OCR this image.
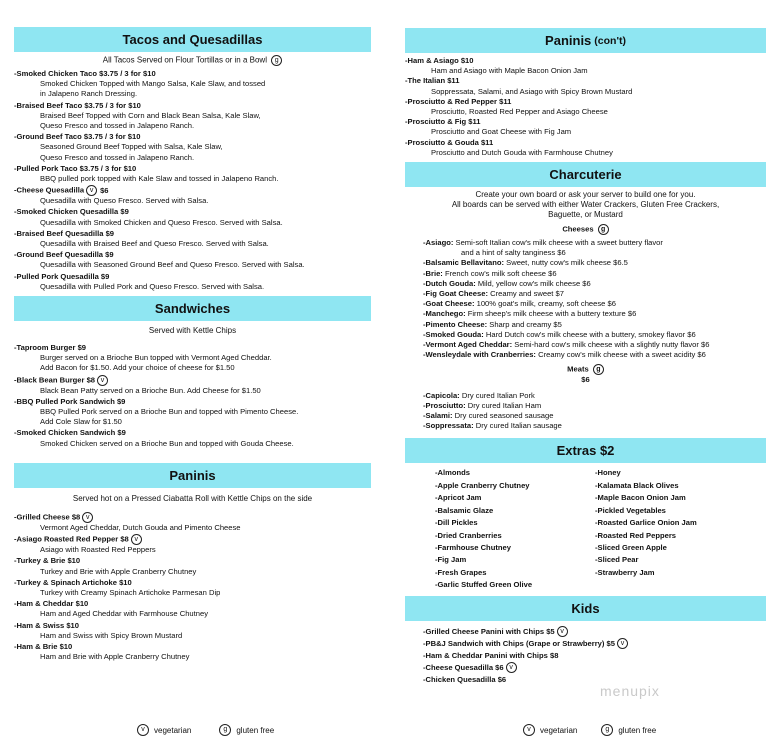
Tacos and Quesadillas
All Tacos Served on Flour Tortillas or in a Bowl g
-Smoked Chicken Taco $3.75 / 3 for $10
Smoked Chicken Topped with Mango Salsa, Kale Slaw, and tossed
in Jalapeno Ranch Dressing.
-Braised Beef Taco $3.75 / 3 for $10
Braised Beef Topped with Corn and Black Bean Salsa, Kale Slaw,
Queso Fresco and tossed in Jalapeno Ranch.
-Ground Beef Taco $3.75 / 3 for $10
Seasoned Ground Beef Topped with Salsa, Kale Slaw,
Queso Fresco and tossed in Jalapeno Ranch.
-Pulled Pork Taco $3.75 / 3 for $10
BBQ pulled pork topped with Kale Slaw and tossed in Jalapeno Ranch.
-Cheese Quesadilla v $6
Quesadilla with Queso Fresco. Served with Salsa.
-Smoked Chicken Quesadilla $9
Quesadilla with Smoked Chicken and Queso Fresco. Served with Salsa.
-Braised Beef Quesadilla $9
Quesadilla with Braised Beef and Queso Fresco. Served with Salsa.
-Ground Beef Quesadilla $9
Quesadilla with Seasoned Ground Beef and Queso Fresco. Served with Salsa.
-Pulled Pork Quesadilla $9
Quesadilla with Pulled Pork and Queso Fresco. Served with Salsa.
Sandwiches
Served with Kettle Chips
-Taproom Burger $9
Burger served on a Brioche Bun topped with Vermont Aged Cheddar.
Add Bacon for $1.50. Add your choice of cheese for $1.50
-Black Bean Burger $8 v
Black Bean Patty served on a Brioche Bun. Add Cheese for $1.50
-BBQ Pulled Pork Sandwich $9
BBQ Pulled Pork served on a Brioche Bun and topped with Pimento Cheese.
Add Cole Slaw for $1.50
-Smoked Chicken Sandwich $9
Smoked Chicken served on a Brioche Bun and topped with Gouda Cheese.
Paninis
Served hot on a Pressed Ciabatta Roll with Kettle Chips on the side
-Grilled Cheese $8 v
Vermont Aged Cheddar, Dutch Gouda and Pimento Cheese
-Asiago Roasted Red Pepper $8 v
Asiago with Roasted Red Peppers
-Turkey & Brie $10
Turkey and Brie with Apple Cranberry Chutney
-Turkey & Spinach Artichoke $10
Turkey with Creamy Spinach Artichoke Parmesan Dip
-Ham & Cheddar $10
Ham and Aged Cheddar with Farmhouse Chutney
-Ham & Swiss $10
Ham and Swiss with Spicy Brown Mustard
-Ham & Brie $10
Ham and Brie with Apple Cranberry Chutney
Paninis (con't)
-Ham & Asiago $10
Ham and Asiago with Maple Bacon Onion Jam
-The Italian $11
Soppressata, Salami, and Asiago with Spicy Brown Mustard
-Prosciutto & Red Pepper $11
Prosciutto, Roasted Red Pepper and Asiago Cheese
-Prosciutto & Fig $11
Prosciutto and Goat Cheese with Fig Jam
-Prosciutto & Gouda $11
Prosciutto and Dutch Gouda with Farmhouse Chutney
Charcuterie
Create your own board or ask your server to build one for you.
All boards can be served with either Water Crackers, Gluten Free Crackers,
Baguette, or Mustard
Cheeses g
-Asiago: Semi-soft Italian cow's milk cheese with a sweet buttery flavor
and a hint of salty tanginess $6
-Balsamic Bellavitano: Sweet, nutty cow's milk cheese $6.5
-Brie: French cow's milk soft cheese $6
-Dutch Gouda: Mild, yellow cow's milk cheese $6
-Fig Goat Cheese: Creamy and sweet $7
-Goat Cheese: 100% goat's milk, creamy, soft cheese $6
-Manchego: Firm sheep's milk cheese with a buttery texture $6
-Pimento Cheese: Sharp and creamy $5
-Smoked Gouda: Hard Dutch cow's milk cheese with a buttery, smokey flavor $6
-Vermont Aged Cheddar: Semi-hard cow's milk cheese with a slightly nutty flavor $6
-Wensleydale with Cranberries: Creamy cow's milk cheese with a sweet acidity $6
Meats g
$6
-Capicola: Dry cured Italian Pork
-Prosciutto: Dry cured Italian Ham
-Salami: Dry cured seasoned sausage
-Soppressata: Dry cured Italian sausage
Extras $2
-Almonds
-Apple Cranberry Chutney
-Apricot Jam
-Balsamic Glaze
-Dill Pickles
-Dried Cranberries
-Farmhouse Chutney
-Fig Jam
-Fresh Grapes
-Garlic Stuffed Green Olive
-Honey
-Kalamata Black Olives
-Maple Bacon Onion Jam
-Pickled Vegetables
-Roasted Garlice Onion Jam
-Roasted Red Peppers
-Sliced Green Apple
-Sliced Pear
-Strawberry Jam
Kids
-Grilled Cheese Panini with Chips $5 v
-PB&J Sandwich with Chips (Grape or Strawberry) $5 v
-Ham & Cheddar Panini with Chips $8
-Cheese Quesadilla $6 v
-Chicken Quesadilla $6
v	vegetarian	g	gluten free	v	vegetarian	g	gluten free
menupix
